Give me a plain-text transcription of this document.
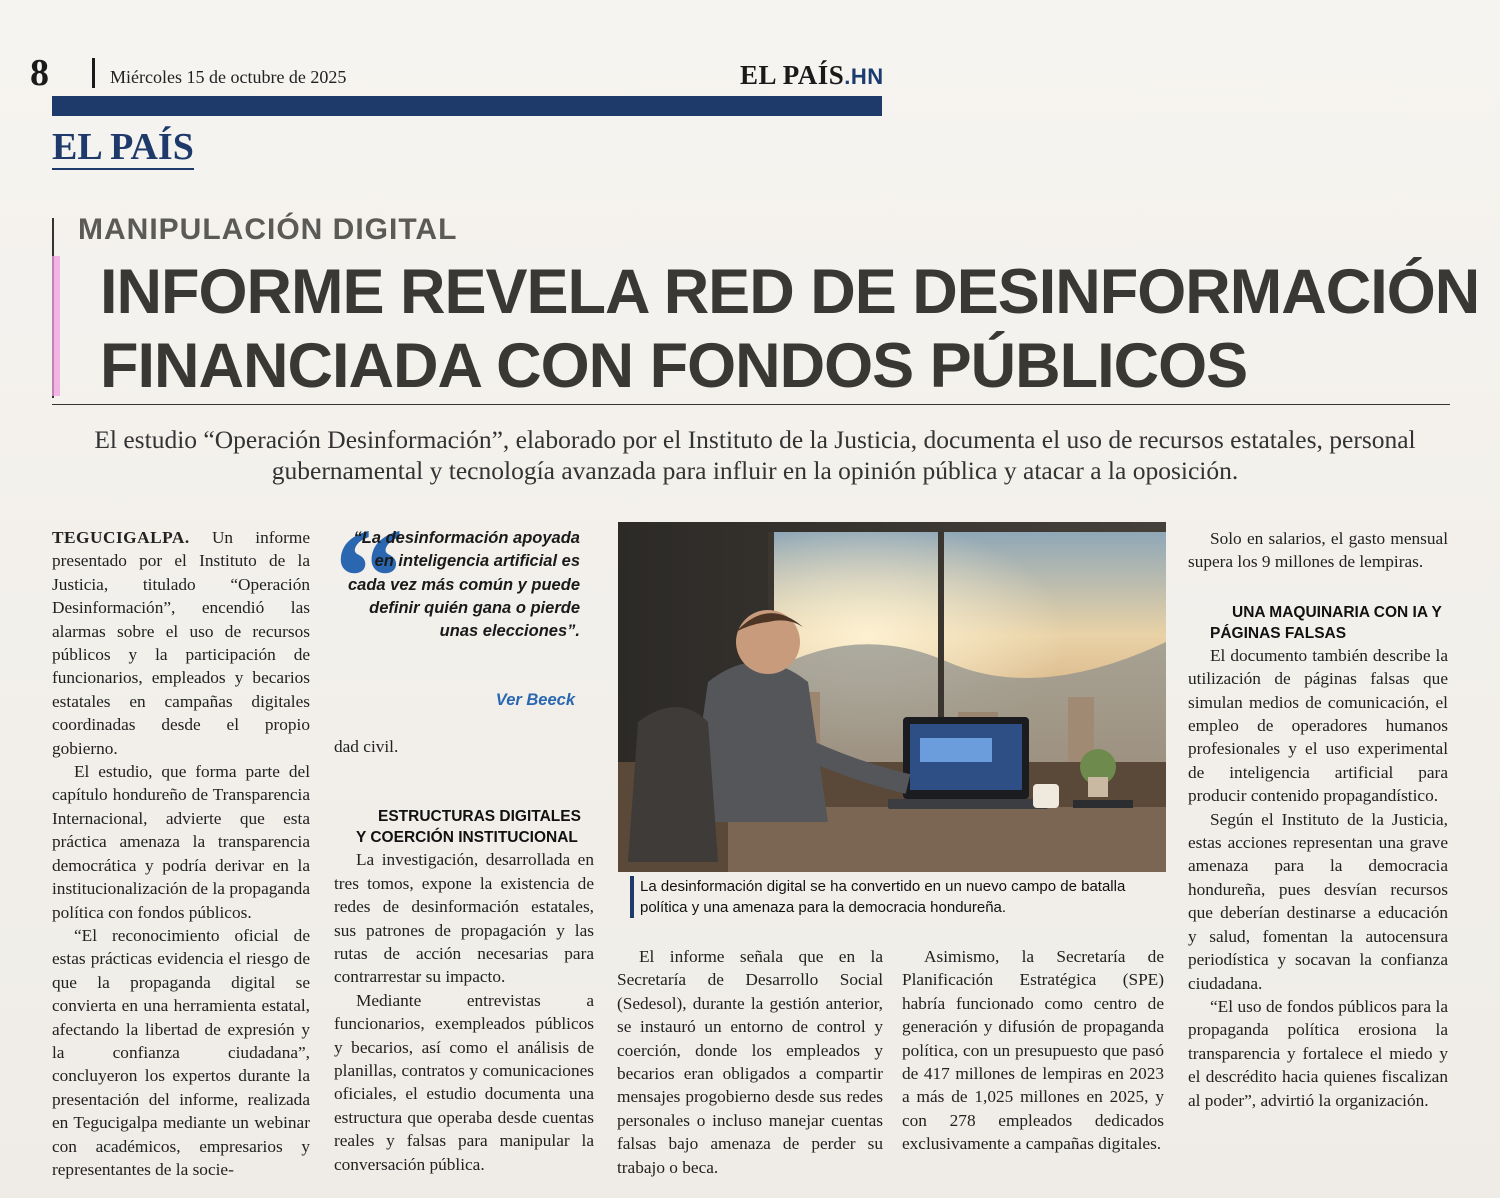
8	Miércoles 15 de octubre de 2025	EL PAÍS.HN
EL PAÍS
MANIPULACIÓN DIGITAL
INFORME REVELA RED DE DESINFORMACIÓN FINANCIADA CON FONDOS PÚBLICOS

El estudio “Operación Desinformación”, elaborado por el Instituto de la Justicia, documenta el uso de recursos estatales, personal gubernamental y tecnología avanzada para influir en la opinión pública y atacar a la oposición.

TEGUCIGALPA. Un informe presentado por el Instituto de la Justicia, titulado “Operación Desinformación”, encendió las alarmas sobre el uso de recursos públicos y la participación de funcionarios, empleados y becarios estatales en campañas digitales coordinadas desde el propio gobierno.

El estudio, que forma parte del capítulo hondureño de Transparencia Internacional, advierte que esta práctica amenaza la transparencia democrática y podría derivar en la institucionalización de la propaganda política con fondos públicos.

“El reconocimiento oficial de estas prácticas evidencia el riesgo de que la propaganda digital se convierta en una herramienta estatal, afectando la libertad de expresión y la confianza ciudadana”, concluyeron los expertos durante la presentación del informe, realizada en Tegucigalpa mediante un webinar con académicos, empresarios y representantes de la socie-

“

“La desinformación apoyada en inteligencia artificial es cada vez más común y puede definir quién gana o pierde unas elecciones”.

Ver Beeck

dad civil.

ESTRUCTURAS DIGITALES Y COERCIÓN INSTITUCIONAL

La investigación, desarrollada en tres tomos, expone la existencia de redes de desinformación estatales, sus patrones de propagación y las rutas de acción necesarias para contrarrestar su impacto.

Mediante entrevistas a funcionarios, exempleados públicos y becarios, así como el análisis de planillas, contratos y comunicaciones oficiales, el estudio documenta una estructura que operaba desde cuentas reales y falsas para manipular la conversación pública.

La desinformación digital se ha convertido en un nuevo campo de batalla política y una amenaza para la democracia hondureña.

El informe señala que en la Secretaría de Desarrollo Social (Sedesol), durante la gestión anterior, se instauró un entorno de control y coerción, donde los empleados y becarios eran obligados a compartir mensajes progobierno desde sus redes personales o incluso manejar cuentas falsas bajo amenaza de perder su trabajo o beca.

Asimismo, la Secretaría de Planificación Estratégica (SPE) habría funcionado como centro de generación y difusión de propaganda política, con un presupuesto que pasó de 417 millones de lempiras en 2023 a más de 1,025 millones en 2025, y con 278 empleados dedicados exclusivamente a campañas digitales.

Solo en salarios, el gasto mensual supera los 9 millones de lempiras.

UNA MAQUINARIA CON IA Y PÁGINAS FALSAS

El documento también describe la utilización de páginas falsas que simulan medios de comunicación, el empleo de operadores humanos profesionales y el uso experimental de inteligencia artificial para producir contenido propagandístico.

Según el Instituto de la Justicia, estas acciones representan una grave amenaza para la democracia hondureña, pues desvían recursos que deberían destinarse a educación y salud, fomentan la autocensura periodística y socavan la confianza ciudadana.

“El uso de fondos públicos para la propaganda política erosiona la transparencia y fortalece el miedo y el descrédito hacia quienes fiscalizan al poder”, advirtió la organización.
